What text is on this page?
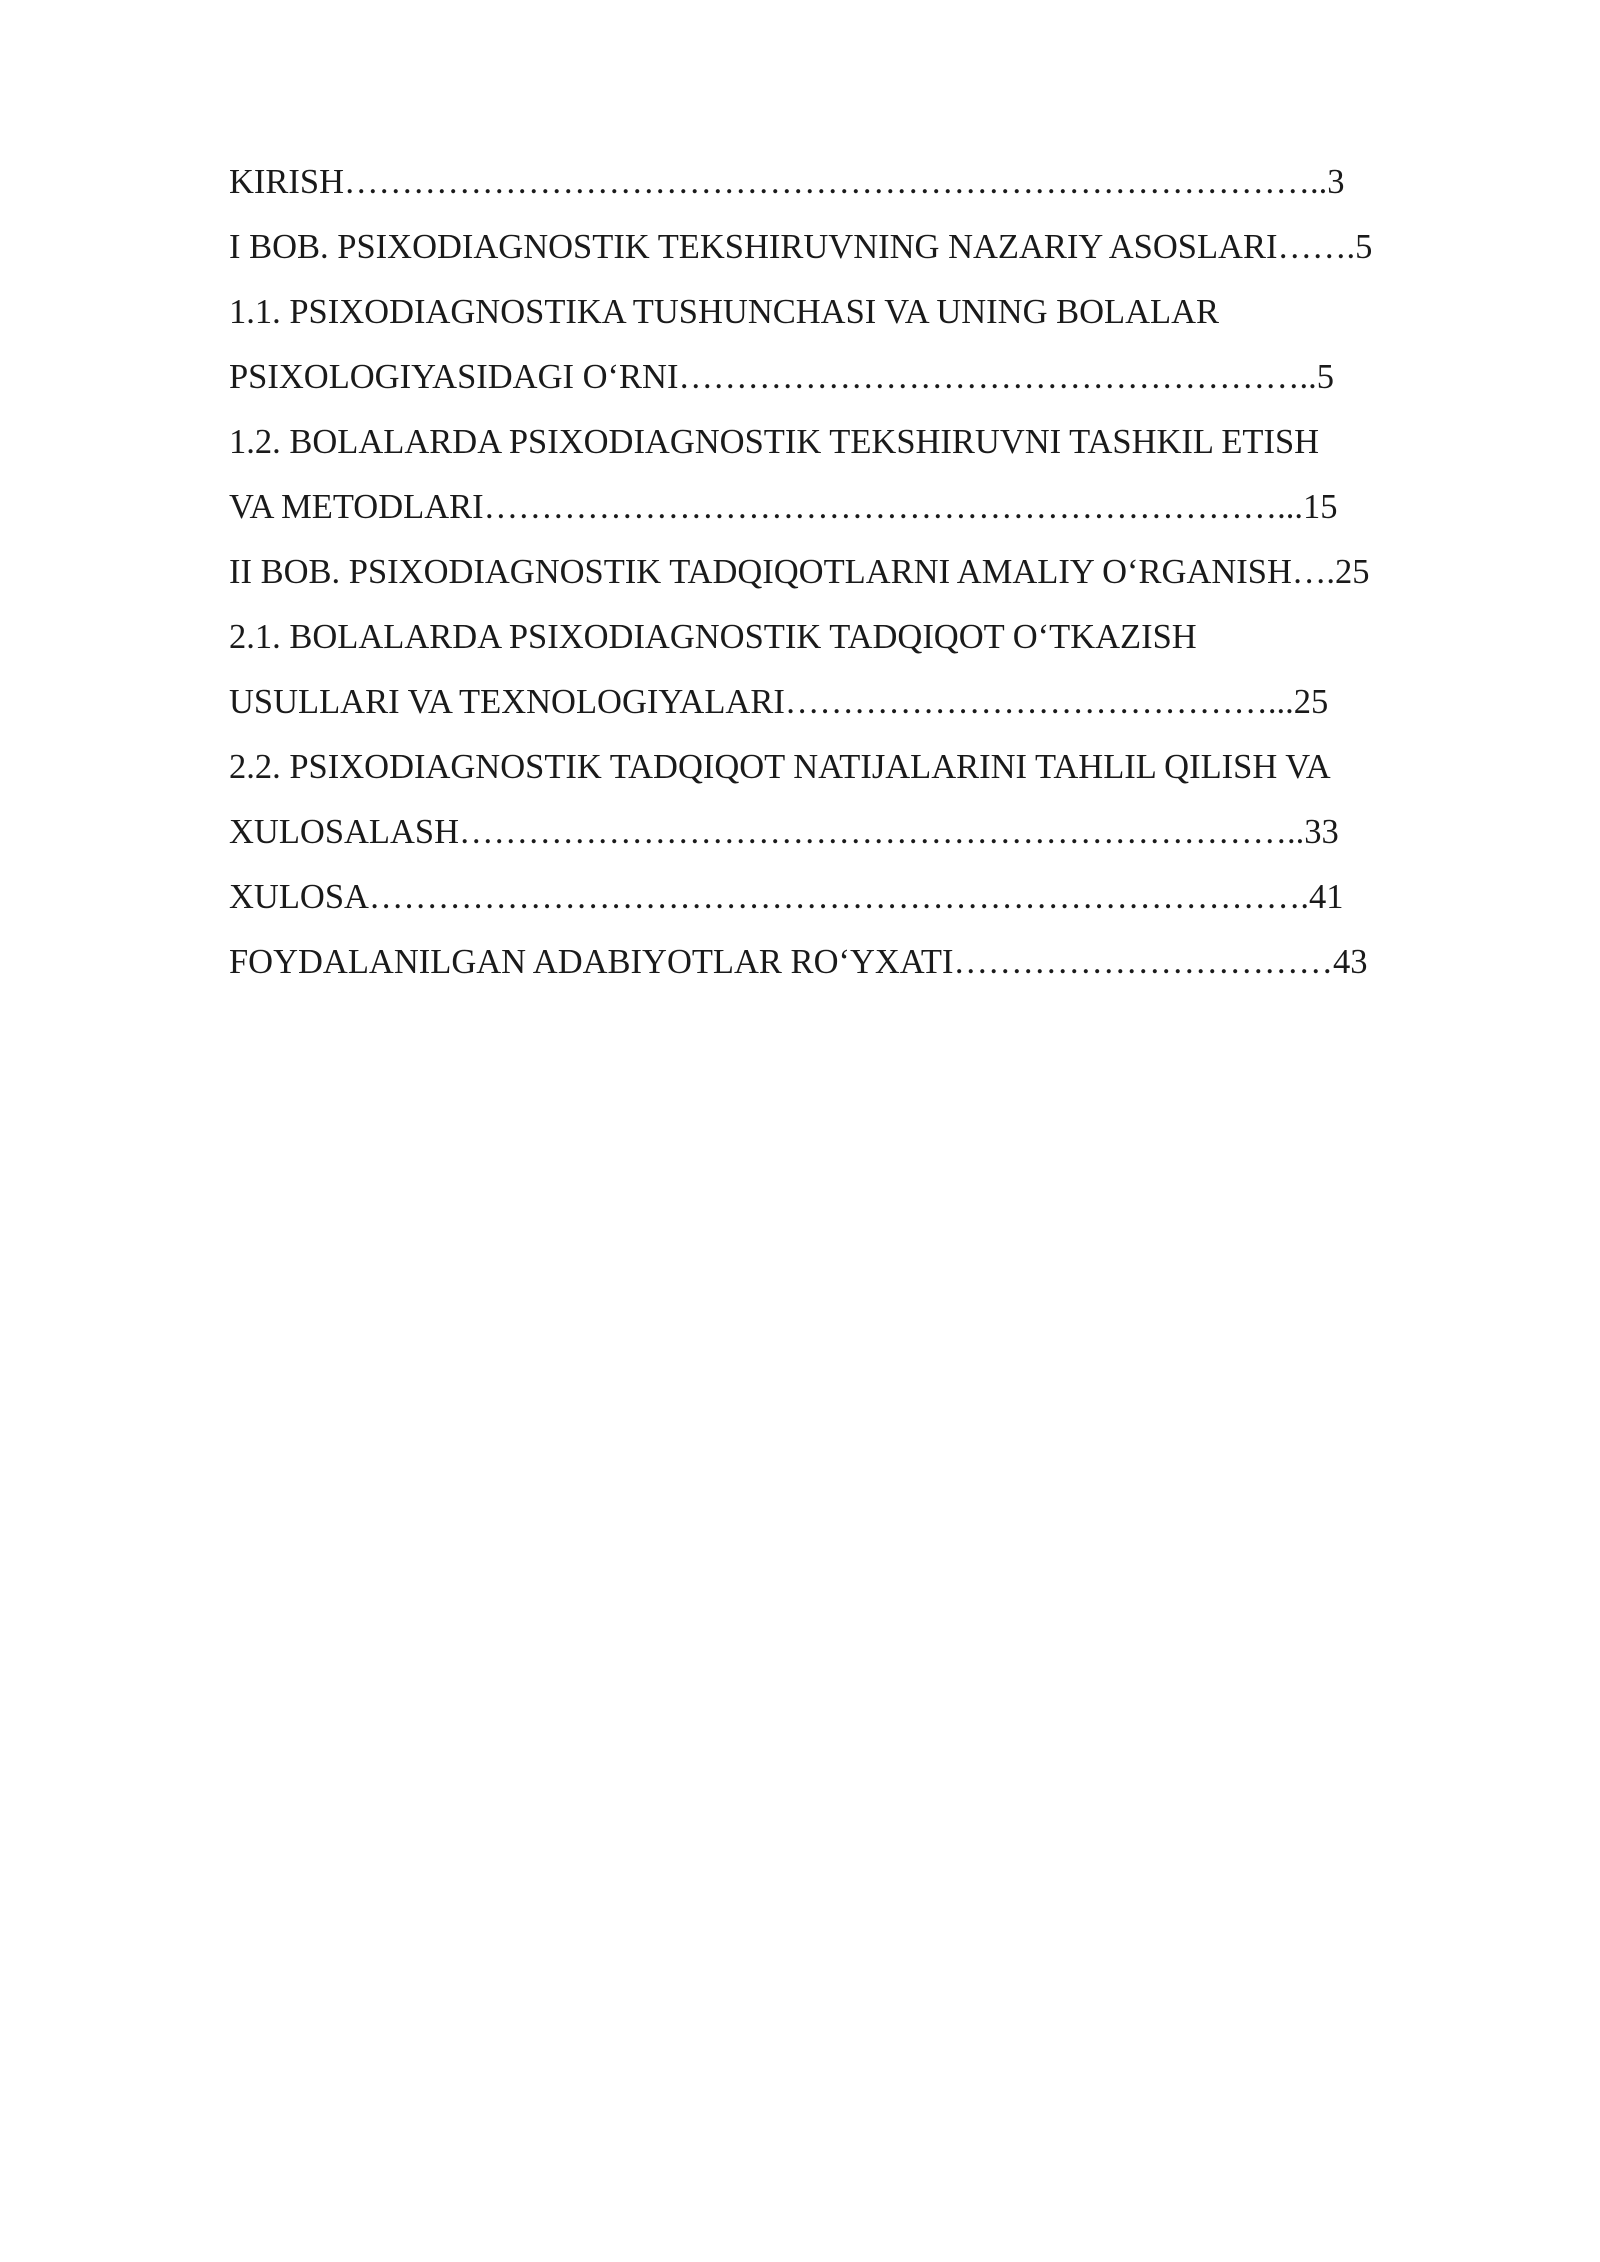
KIRISH…………………………………………………………………………..3
I BOB. PSIXODIAGNOSTIK TEKSHIRUVNING NAZARIY ASOSLARI…….5
1.1. PSIXODIAGNOSTIKA TUSHUNCHASI VA UNING BOLALAR
PSIXOLOGIYASIDAGI O‘RNI………………………………………………..5
1.2. BOLALARDA PSIXODIAGNOSTIK TEKSHIRUVNI TASHKIL ETISH
VA METODLARI……………………………………………………………...15
II BOB. PSIXODIAGNOSTIK TADQIQOTLARNI AMALIY O‘RGANISH….25
2.1. BOLALARDA PSIXODIAGNOSTIK TADQIQOT O‘TKAZISH
USULLARI VA TEXNOLOGIYALARI……………………………………...25
2.2. PSIXODIAGNOSTIK TADQIQOT NATIJALARINI TAHLIL QILISH VA
XULOSALASH………………………………………………………………..33
XULOSA……………………………………………………………………….41
FOYDALANILGAN ADABIYOTLAR RO‘YXATI……………………………43
